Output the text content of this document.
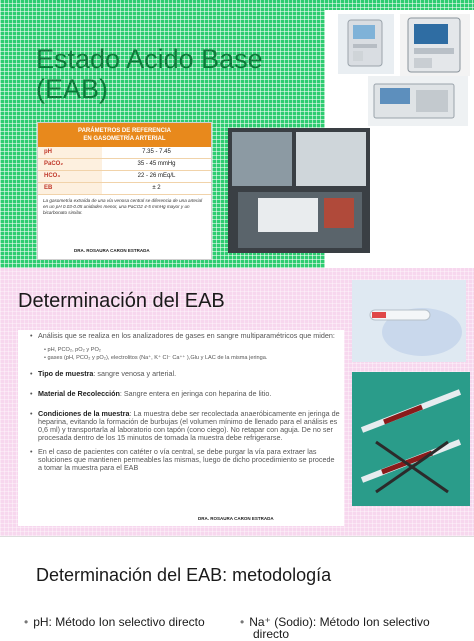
Estado Acido Base
(EAB)
PARÁMETROS DE REFERENCIA
EN GASOMETRÍA ARTERIAL
pH	7.35 - 7.45
PaCO₂	35 - 45 mmHg
HCO₃	22 - 26 mEq/L
EB	± 2
La gasometría extraída de una vía venosa central se diferencia de una arterial en un pH 0.03-0.05 unidades menor, una PaCO2 4-5 mmHg mayor y un bicarbonato similar.
DRA. ROSAURA CARON ESTRADA
Determinación del EAB
• Análisis que se realiza en los analizadores de gases en sangre multiparamétricos que miden:
• pH, PCO₂, pO₂ y PO₂
• gases (pH, PCO₂ y pO₂), electrolitos (Na⁺, K⁺ Cl⁻ Ca⁺⁺ ),Glu y LAC de la misma jeringa.
• Tipo de muestra: sangre venosa y arterial.
• Material de Recolección: Sangre entera en jeringa con heparina de litio.
• Condiciones de la muestra: La muestra debe ser recolectada anaeróbicamente en jeringa de heparina, evitando la formación de burbujas (el volumen mínimo de llenado para el análisis es 0,6 ml) y transportarla al laboratorio con tapón (cono ciego). No retapar con aguja. De no ser procesada dentro de los 15 minutos de tomada la muestra debe refrigerarse.
• En el caso de pacientes con catéter o vía central, se debe purgar la vía para extraer las soluciones que mantienen permeables las mismas, luego de dicho procedimiento se procede a tomar la muestra para el EAB
DRA. ROSAURA CARON ESTRADA
Determinación del EAB: metodología
• pH: Método Ion selectivo directo	• Na⁺ (Sodio): Método Ion selectivo
directo
